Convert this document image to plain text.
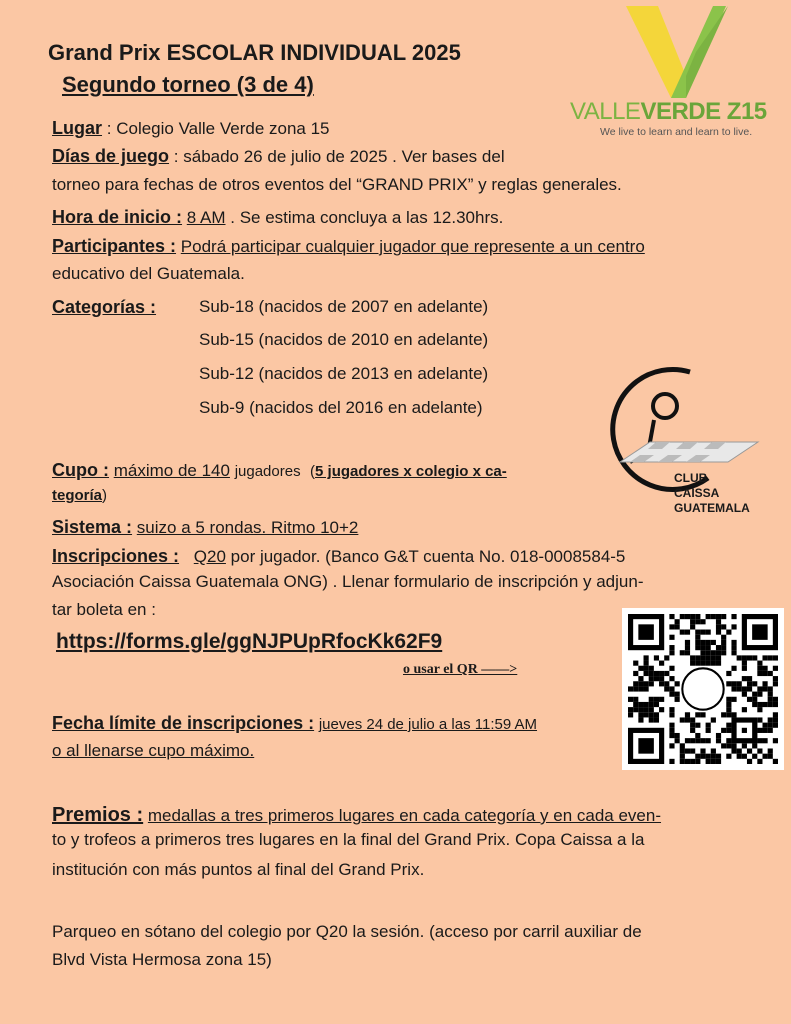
Grand Prix ESCOLAR INDIVIDUAL 2025
Segundo torneo (3 de 4)
VALLEVERDE Z15
We live to learn and learn to live.
Lugar : Colegio Valle Verde zona 15
Días de juego : sábado 26 de julio de 2025 . Ver bases del
torneo para fechas de otros eventos del “GRAND PRIX” y reglas generales.
Hora de inicio : 8 AM . Se estima concluya a las 12.30hrs.
Participantes : Podrá participar cualquier jugador que represente a un centro
educativo del Guatemala.
Categorías :	Sub-18 (nacidos de 2007 en adelante)
Sub-15 (nacidos de 2010 en adelante)
Sub-12 (nacidos de 2013 en adelante)
Sub-9 (nacidos del 2016 en adelante)
CLUB
CAISSA
GUATEMALA
Cupo : máximo de 140 jugadores (5 jugadores x colegio x ca-
tegoría)
Sistema : suizo a 5 rondas. Ritmo 10+2
Inscripciones : Q20 por jugador. (Banco G&T cuenta No. 018-0008584-5
Asociación Caissa Guatemala ONG) . Llenar formulario de inscripción y adjun-
tar boleta en :
https://forms.gle/ggNJPUpRfocKk62F9
o usar el QR ——>
Fecha límite de inscripciones : jueves 24 de julio a las 11:59 AM
o al llenarse cupo máximo.
Premios : medallas a tres primeros lugares en cada categoría y en cada even-
to y trofeos a primeros tres lugares en la final del Grand Prix. Copa Caissa a la
institución con más puntos al final del Grand Prix.
Parqueo en sótano del colegio por Q20 la sesión. (acceso por carril auxiliar de
Blvd Vista Hermosa zona 15)
